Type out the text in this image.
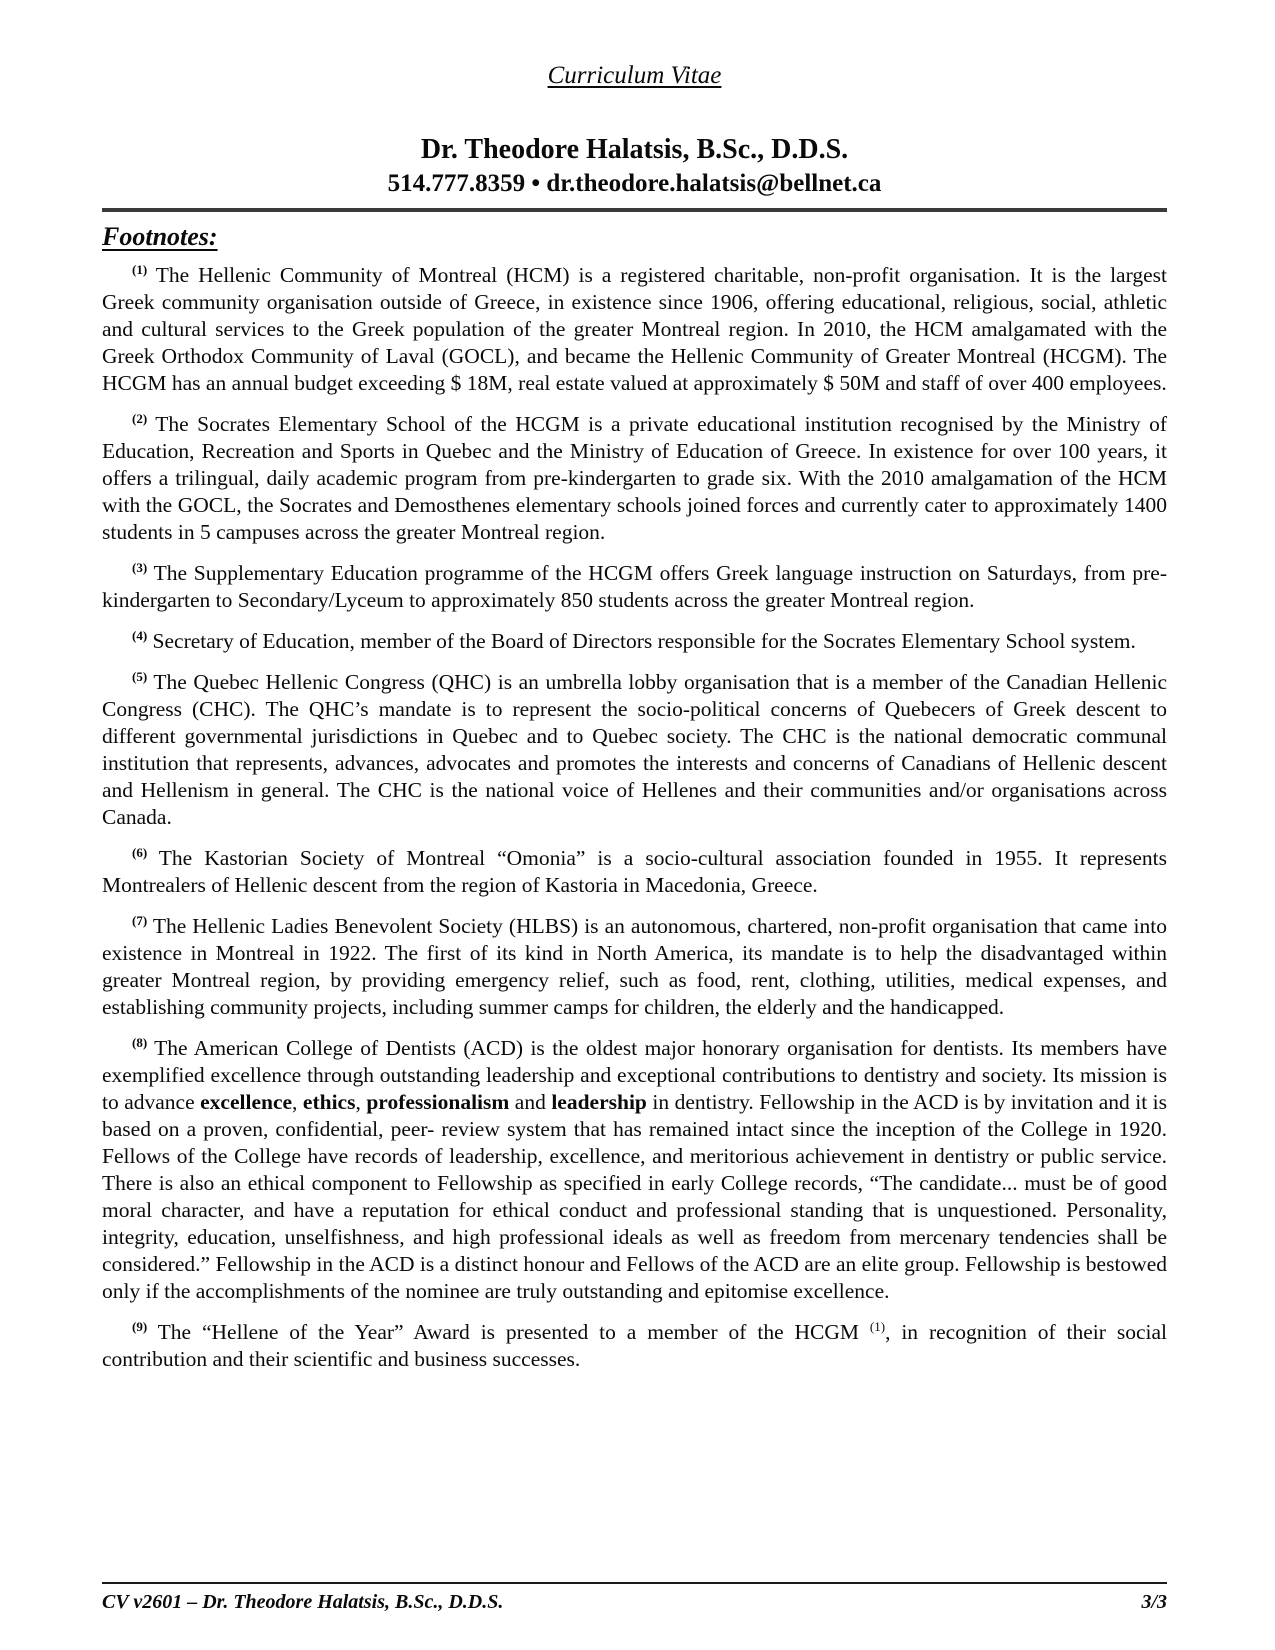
Curriculum Vitae
Dr. Theodore Halatsis, B.Sc., D.D.S.
514.777.8359 • dr.theodore.halatsis@bellnet.ca
Footnotes:

$^{(1)}$ The Hellenic Community of Montreal (HCM) is a registered charitable, non-profit organisation. It is the largest Greek community organisation outside of Greece, in existence since 1906, offering educational, religious, social, athletic and cultural services to the Greek population of the greater Montreal region. In 2010, the HCM amalgamated with the Greek Orthodox Community of Laval (GOCL), and became the Hellenic Community of Greater Montreal (HCGM). The HCGM has an annual budget exceeding $ 18M, real estate valued at approximately $ 50M and staff of over 400 employees.

$^{(2)}$ The Socrates Elementary School of the HCGM is a private educational institution recognised by the Ministry of Education, Recreation and Sports in Quebec and the Ministry of Education of Greece. In existence for over 100 years, it offers a trilingual, daily academic program from pre-kindergarten to grade six. With the 2010 amalgamation of the HCM with the GOCL, the Socrates and Demosthenes elementary schools joined forces and currently cater to approximately 1400 students in 5 campuses across the greater Montreal region.

$^{(3)}$ The Supplementary Education programme of the HCGM offers Greek language instruction on Saturdays, from pre-kindergarten to Secondary/Lyceum to approximately 850 students across the greater Montreal region.

$^{(4)}$ Secretary of Education, member of the Board of Directors responsible for the Socrates Elementary School system.

$^{(5)}$ The Quebec Hellenic Congress (QHC) is an umbrella lobby organisation that is a member of the Canadian Hellenic Congress (CHC). The QHC’s mandate is to represent the socio-political concerns of Quebecers of Greek descent to different governmental jurisdictions in Quebec and to Quebec society. The CHC is the national democratic communal institution that represents, advances, advocates and promotes the interests and concerns of Canadians of Hellenic descent and Hellenism in general. The CHC is the national voice of Hellenes and their communities and/or organisations across Canada.

$^{(6)}$ The Kastorian Society of Montreal “Omonia” is a socio-cultural association founded in 1955. It represents Montrealers of Hellenic descent from the region of Kastoria in Macedonia, Greece.

$^{(7)}$ The Hellenic Ladies Benevolent Society (HLBS) is an autonomous, chartered, non-profit organisation that came into existence in Montreal in 1922. The first of its kind in North America, its mandate is to help the disadvantaged within greater Montreal region, by providing emergency relief, such as food, rent, clothing, utilities, medical expenses, and establishing community projects, including summer camps for children, the elderly and the handicapped.

$^{(8)}$ The American College of Dentists (ACD) is the oldest major honorary organisation for dentists. Its members have exemplified excellence through outstanding leadership and exceptional contributions to dentistry and society. Its mission is to advance excellence, ethics, professionalism and leadership in dentistry. Fellowship in the ACD is by invitation and it is based on a proven, confidential, peer- review system that has remained intact since the inception of the College in 1920. Fellows of the College have records of leadership, excellence, and meritorious achievement in dentistry or public service. There is also an ethical component to Fellowship as specified in early College records, “The candidate... must be of good moral character, and have a reputation for ethical conduct and professional standing that is unquestioned. Personality, integrity, education, unselfishness, and high professional ideals as well as freedom from mercenary tendencies shall be considered.” Fellowship in the ACD is a distinct honour and Fellows of the ACD are an elite group. Fellowship is bestowed only if the accomplishments of the nominee are truly outstanding and epitomise excellence.

$^{(9)}$ The “Hellene of the Year” Award is presented to a member of the HCGM $^{(1)}$, in recognition of their social contribution and their scientific and business successes.

CV v2601 – Dr. Theodore Halatsis, B.Sc., D.D.S.	3/3
